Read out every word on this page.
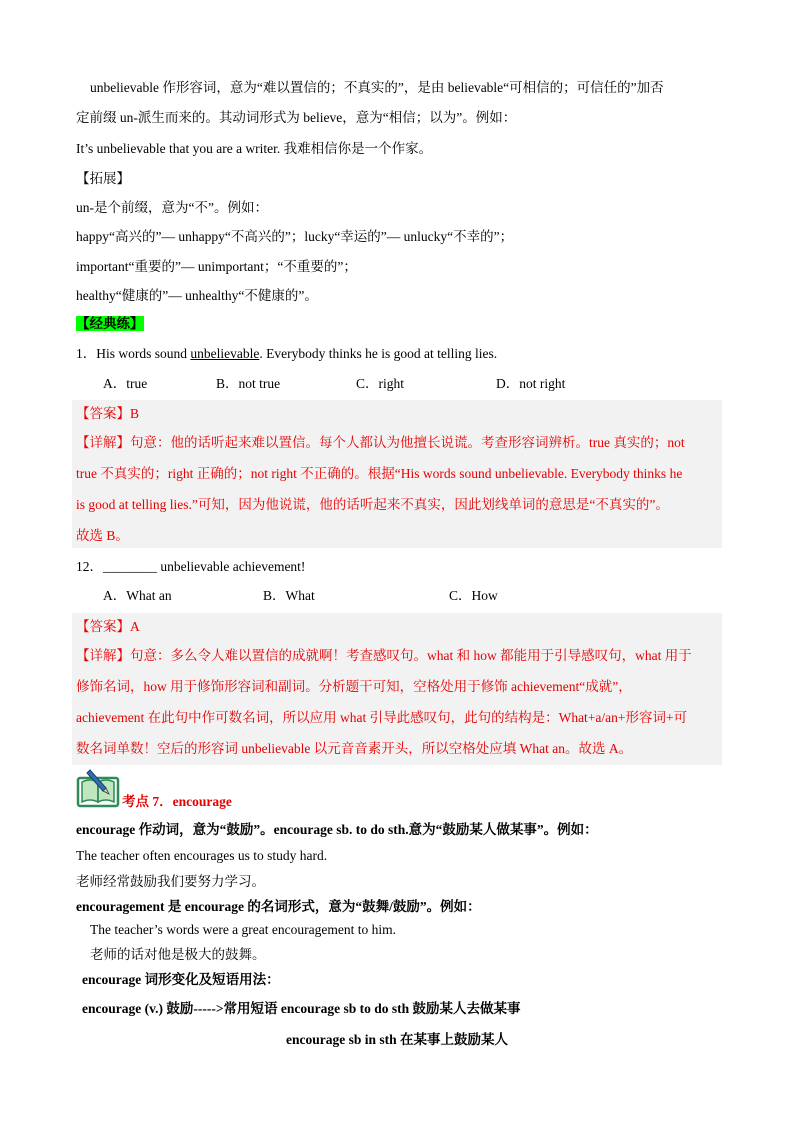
unbelievable 作形容词，意为“难以置信的；不真实的”，是由 believable“可相信的；可信任的”加否
定前缀 un-派生而来的。其动词形式为 believe，意为“相信；以为”。例如：
It’s unbelievable that you are a writer. 我难相信你是一个作家。
【拓展】
un-是个前缀，意为“不”。例如：
happy“高兴的”— unhappy“不高兴的”；lucky“幸运的”— unlucky“不幸的”；
important“重要的”— unimportant；“不重要的”；
healthy“健康的”— unhealthy“不健康的”。
【经典练】
1．His words sound unbelievable. Everybody thinks he is good at telling lies.
A．true	B．not true	C．right	D．not right
【答案】B
【详解】句意：他的话听起来难以置信。每个人都认为他擅长说谎。考查形容词辨析。true 真实的；not
true 不真实的；right 正确的；not right 不正确的。根据“His words sound unbelievable. Everybody thinks he
is good at telling lies.”可知，因为他说谎，他的话听起来不真实，因此划线单词的意思是“不真实的”。
故选 B。
12．________ unbelievable achievement!
A．What an	B．What	C．How
【答案】A
【详解】句意：多么令人难以置信的成就啊！考查感叹句。what 和 how 都能用于引导感叹句，what 用于
修饰名词，how 用于修饰形容词和副词。分析题干可知，空格处用于修饰 achievement“成就”，
achievement 在此句中作可数名词，所以应用 what 引导此感叹句，此句的结构是：What+a/an+形容词+可
数名词单数！空后的形容词 unbelievable 以元音音素开头，所以空格处应填 What an。故选 A。
考点 7．encourage
encourage 作动词，意为“鼓励”。encourage sb. to do sth.意为“鼓励某人做某事”。例如：
The teacher often encourages us to study hard.
老师经常鼓励我们要努力学习。
encouragement 是 encourage 的名词形式，意为“鼓舞/鼓励”。例如：
The teacher’s words were a great encouragement to him.
老师的话对他是极大的鼓舞。
encourage 词形变化及短语用法：
encourage (v.) 鼓励----->常用短语 encourage sb to do sth 鼓励某人去做某事
encourage sb in sth 在某事上鼓励某人
